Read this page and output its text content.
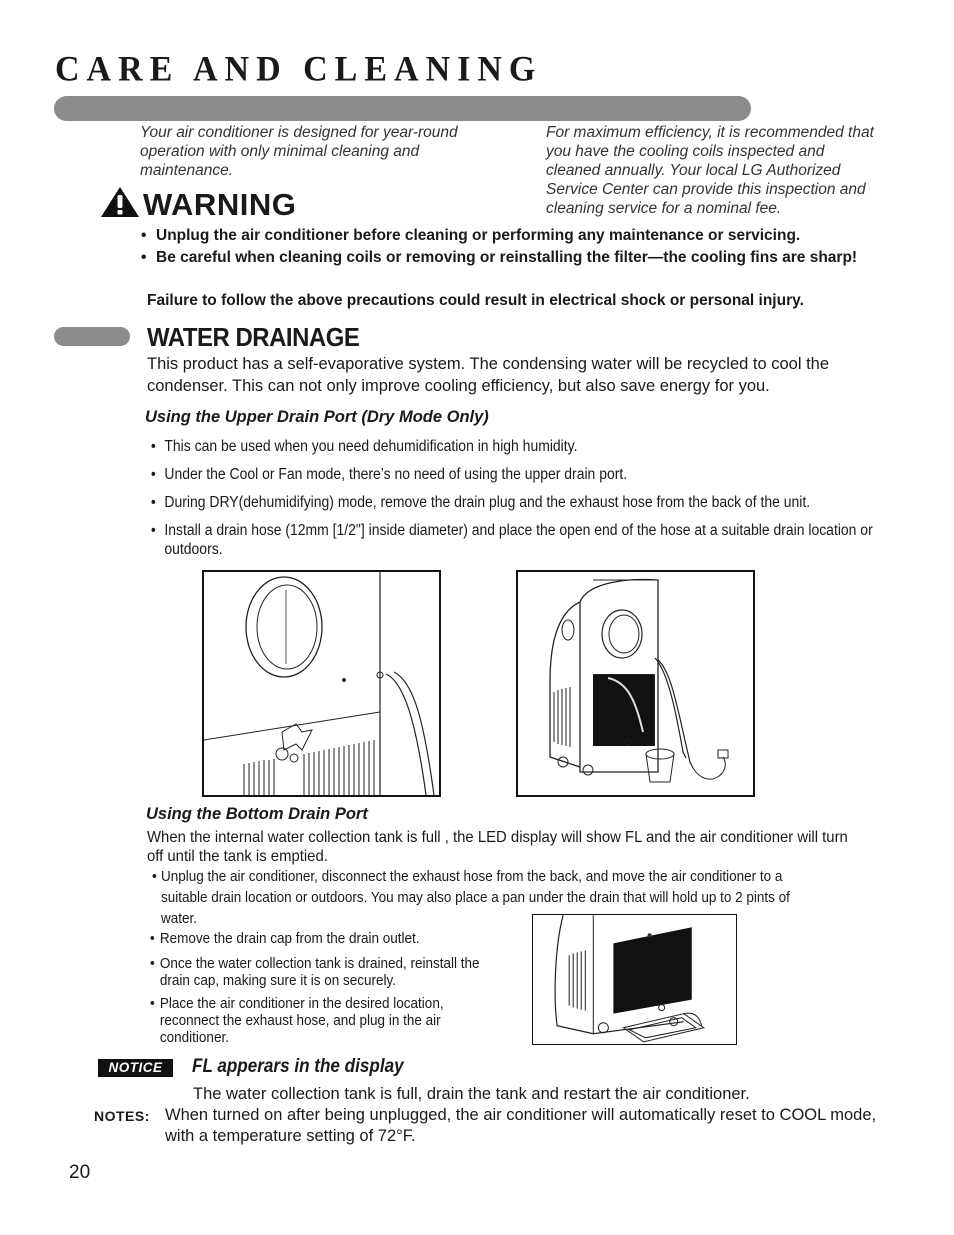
CARE AND CLEANING

Your air conditioner is designed for year-round operation with only minimal cleaning and maintenance.

For maximum efficiency, it is recommended that you have the cooling coils inspected and cleaned annually. Your local LG Authorized Service Center can provide this inspection and cleaning service for a nominal fee.

WARNING
• Unplug the air conditioner before cleaning or performing any maintenance or servicing.
• Be careful when cleaning coils or removing or reinstalling the filter—the cooling fins are sharp!

Failure to follow the above precautions could result in electrical shock or personal injury.

WATER DRAINAGE

This product has a self-evaporative system. The condensing water will be recycled to cool the condenser. This can not only improve cooling efficiency, but also save energy for you.

Using the Upper Drain Port (Dry Mode Only)
• This can be used when you need dehumidification in high humidity.
• Under the Cool or Fan mode, there’s no need of using the upper drain port.
• During DRY(dehumidifying) mode, remove the drain plug and the exhaust hose from the back of the unit.
• Install a drain hose (12mm [1/2"] inside diameter) and place the open end of the hose at a suitable drain location or outdoors.
Using the Bottom Drain Port

When the internal water collection tank is full , the LED display will show FL and the air conditioner will turn off until the tank is emptied.

• Unplug the air conditioner, disconnect the exhaust hose from the back, and move the air conditioner to a suitable drain location or outdoors. You may also place a pan under the drain that will hold up to 2 pints of water.
• Remove the drain cap from the drain outlet.
• Once the water collection tank is drained, reinstall the drain cap, making sure it is on securely.
• Place the air conditioner in the desired location, reconnect the exhaust hose, and plug in the air conditioner.
NOTICE	FL apperars in the display

The water collection tank is full, drain the tank and restart the air conditioner.

NOTES: When turned on after being unplugged, the air conditioner will automatically reset to COOL mode, with a temperature setting of 72°F.

20
